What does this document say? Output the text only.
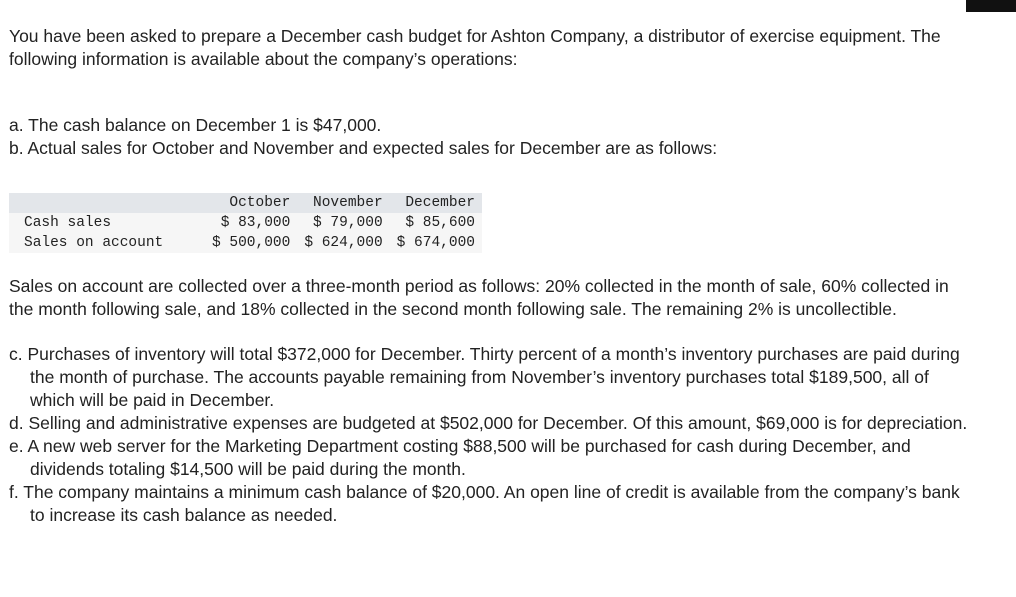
You have been asked to prepare a December cash budget for Ashton Company, a distributor of exercise equipment. The following information is available about the company’s operations:

a. The cash balance on December 1 is $47,000.

b. Actual sales for October and November and expected sales for December are as follows:

	October	November	December
Cash sales	$ 83,000	$ 79,000	$ 85,600
Sales on account	$ 500,000	$ 624,000	$ 674,000

Sales on account are collected over a three-month period as follows: 20% collected in the month of sale, 60% collected in the month following sale, and 18% collected in the second month following sale. The remaining 2% is uncollectible.

c. Purchases of inventory will total $372,000 for December. Thirty percent of a month’s inventory purchases are paid during the month of purchase. The accounts payable remaining from November’s inventory purchases total $189,500, all of which will be paid in December.

d. Selling and administrative expenses are budgeted at $502,000 for December. Of this amount, $69,000 is for depreciation.

e. A new web server for the Marketing Department costing $88,500 will be purchased for cash during December, and dividends totaling $14,500 will be paid during the month.

f. The company maintains a minimum cash balance of $20,000. An open line of credit is available from the company’s bank to increase its cash balance as needed.
